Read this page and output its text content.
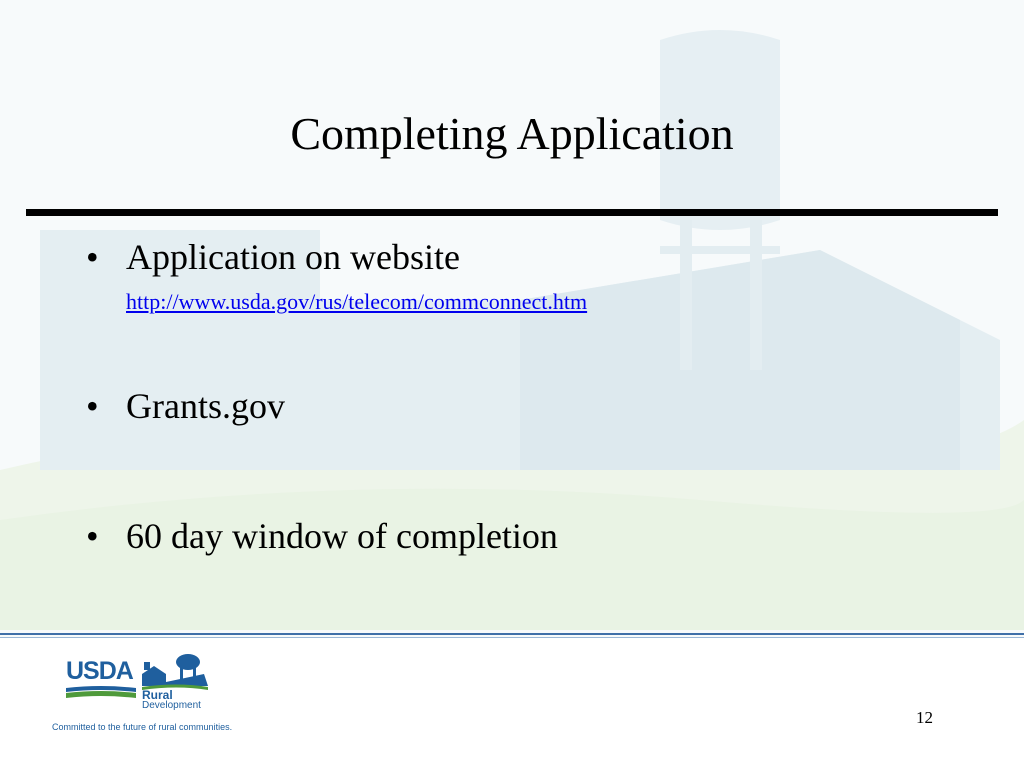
Completing Application
• Application on website
http://www.usda.gov/rus/telecom/commconnect.htm
• Grants.gov
• 60 day window of completion
USDA
Rural
Development
Committed to the future of rural communities.	12
